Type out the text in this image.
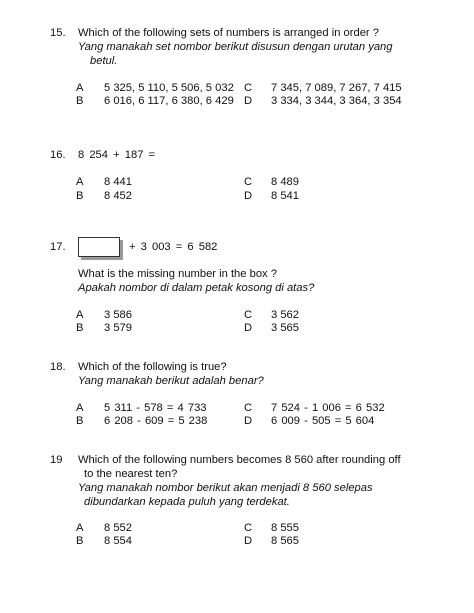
15. Which of the following sets of numbers is arranged in order ?
Yang manakah set nombor berikut disusun dengan urutan yang
betul.
A 5 325, 5 110, 5 506, 5 032
B 6 016, 6 117, 6 380, 6 429
C 7 345, 7 089, 7 267, 7 415
D 3 334, 3 344, 3 364, 3 354
16. 8 254 + 187 =
A 8 441
B 8 452
C 8 489
D 8 541
17.	+ 3 003 = 6 582
What is the missing number in the box ?
Apakah nombor di dalam petak kosong di atas?
A 3 586
B 3 579
C 3 562
D 3 565
18. Which of the following is true?
Yang manakah berikut adalah benar?
A 5 311 - 578 = 4 733
B 6 208 - 609 = 5 238
C 7 524 - 1 006 = 6 532
D 6 009 - 505 = 5 604
19 Which of the following numbers becomes 8 560 after rounding off
to the nearest ten?
Yang manakah nombor berikut akan menjadi 8 560 selepas
dibundarkan kepada puluh yang terdekat.
A 8 552
B 8 554
C 8 555
D 8 565
